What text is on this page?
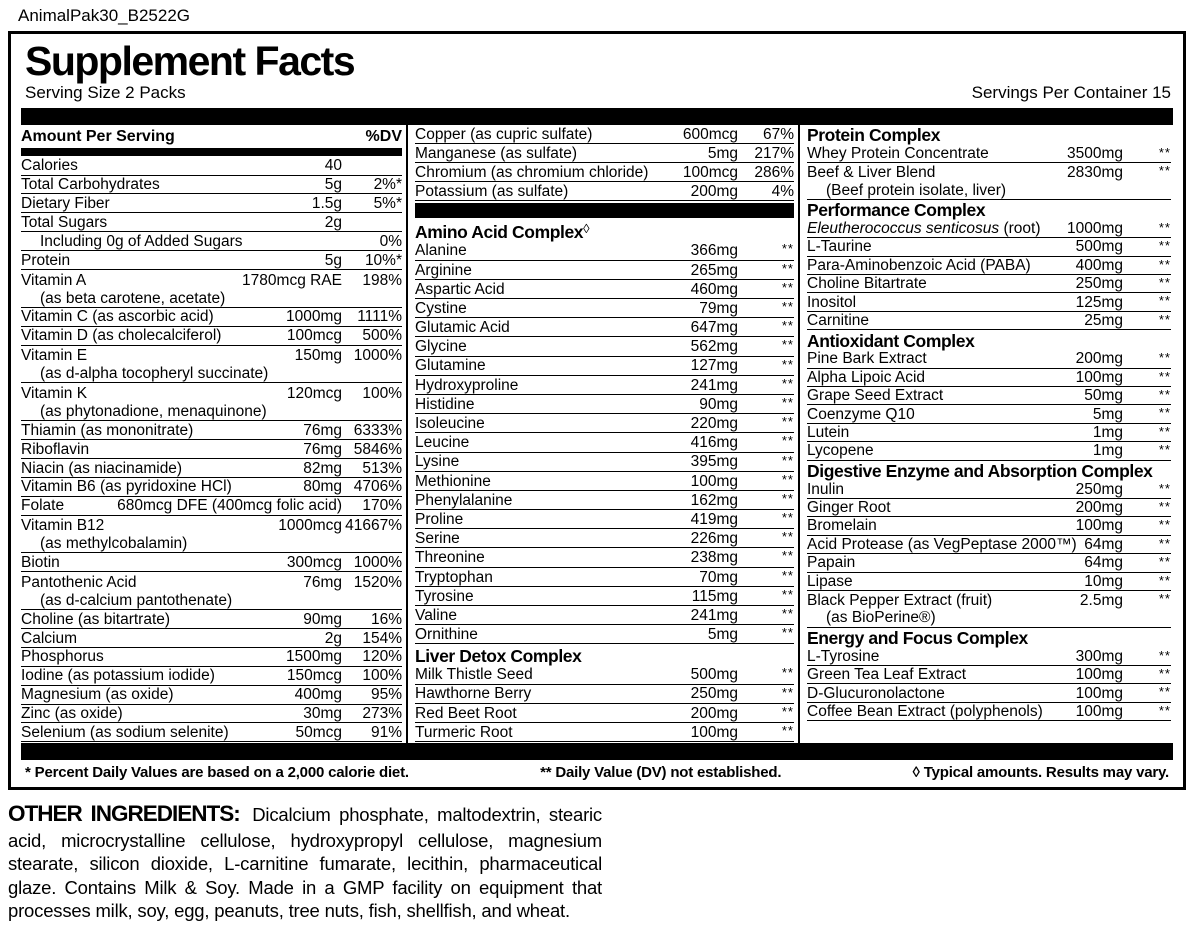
AnimalPak30_B2522G
Supplement Facts
Serving Size 2 Packs	Servings Per Container 15
Amount Per Serving	%DV
Calories	40
Total Carbohydrates	5g	2%*
Dietary Fiber	1.5g	5%*
Total Sugars	2g
Including 0g of Added Sugars	0%
Protein	5g	10%*
Vitamin A	1780mcg RAE	198%
(as beta carotene, acetate)
Vitamin C (as ascorbic acid)	1000mg 1111%
Vitamin D (as cholecalciferol)	100mcg	500%
Vitamin E	150mg 1000%
(as d-alpha tocopheryl succinate)
Vitamin K	120mcg	100%
(as phytonadione, menaquinone)
Thiamin (as mononitrate)	76mg 6333%
Riboflavin	76mg 5846%
Niacin (as niacinamide)	82mg	513%
Vitamin B6 (as pyridoxine HCl)	80mg 4706%
Folate	680mcg DFE (400mcg folic acid)	170%
Vitamin B12	1000mcg 41667%
(as methylcobalamin)
Biotin	300mcg 1000%
Pantothenic Acid	76mg 1520%
(as d-calcium pantothenate)
Choline (as bitartrate)	90mg	16%
Calcium	2g	154%
Phosphorus	1500mg	120%
Iodine (as potassium iodide)	150mcg	100%
Magnesium (as oxide)	400mg	95%
Zinc (as oxide)	30mg	273%
Selenium (as sodium selenite)	50mcg	91%
Copper (as cupric sulfate)	600mcg	67%
Manganese (as sulfate)	5mg	217%
Chromium (as chromium chloride)	100mcg	286%
Potassium (as sulfate)	200mg	4%
Amino Acid Complex ◊
Alanine	366mg	**
Arginine	265mg	**
Aspartic Acid	460mg	**
Cystine	79mg	**
Glutamic Acid	647mg	**
Glycine	562mg	**
Glutamine	127mg	**
Hydroxyproline	241mg	**
Histidine	90mg	**
Isoleucine	220mg	**
Leucine	416mg	**
Lysine	395mg	**
Methionine	100mg	**
Phenylalanine	162mg	**
Proline	419mg	**
Serine	226mg	**
Threonine	238mg	**
Tryptophan	70mg	**
Tyrosine	115mg	**
Valine	241mg	**
Ornithine	5mg	**
Liver Detox Complex
Milk Thistle Seed	500mg	**
Hawthorne Berry	250mg	**
Red Beet Root	200mg	**
Turmeric Root	100mg	**
Protein Complex
Whey Protein Concentrate	3500mg	**
Beef & Liver Blend	2830mg	**
(Beef protein isolate, liver)
Performance Complex
Eleutherococcus senticosus (root)	1000mg	**
L-Taurine	500mg	**
Para-Aminobenzoic Acid (PABA)	400mg	**
Choline Bitartrate	250mg	**
Inositol	125mg	**
Carnitine	25mg	**
Antioxidant Complex
Pine Bark Extract	200mg	**
Alpha Lipoic Acid	100mg	**
Grape Seed Extract	50mg	**
Coenzyme Q10	5mg	**
Lutein	1mg	**
Lycopene	1mg	**
Digestive Enzyme and Absorption Complex
Inulin	250mg	**
Ginger Root	200mg	**
Bromelain	100mg	**
Acid Protease (as VegPeptase 2000™) 64mg	**
Papain	64mg	**
Lipase	10mg	**
Black Pepper Extract (fruit)	2.5mg	**
(as BioPerine®)
Energy and Focus Complex
L-Tyrosine	300mg	**
Green Tea Leaf Extract	100mg	**
D-Glucuronolactone	100mg	**
Coffee Bean Extract (polyphenols)	100mg	**
* Percent Daily Values are based on a 2,000 calorie diet.	** Daily Value (DV) not established.	◊ Typical amounts. Results may vary.
OTHER INGREDIENTS: Dicalcium phosphate, maltodextrin, stearic acid, microcrystalline cellulose, hydroxypropyl cellulose, magnesium stearate, silicon dioxide, L-carnitine fumarate, lecithin, pharmaceutical glaze. Contains Milk & Soy. Made in a GMP facility on equipment that processes milk, soy, egg, peanuts, tree nuts, fish, shellfish, and wheat.
